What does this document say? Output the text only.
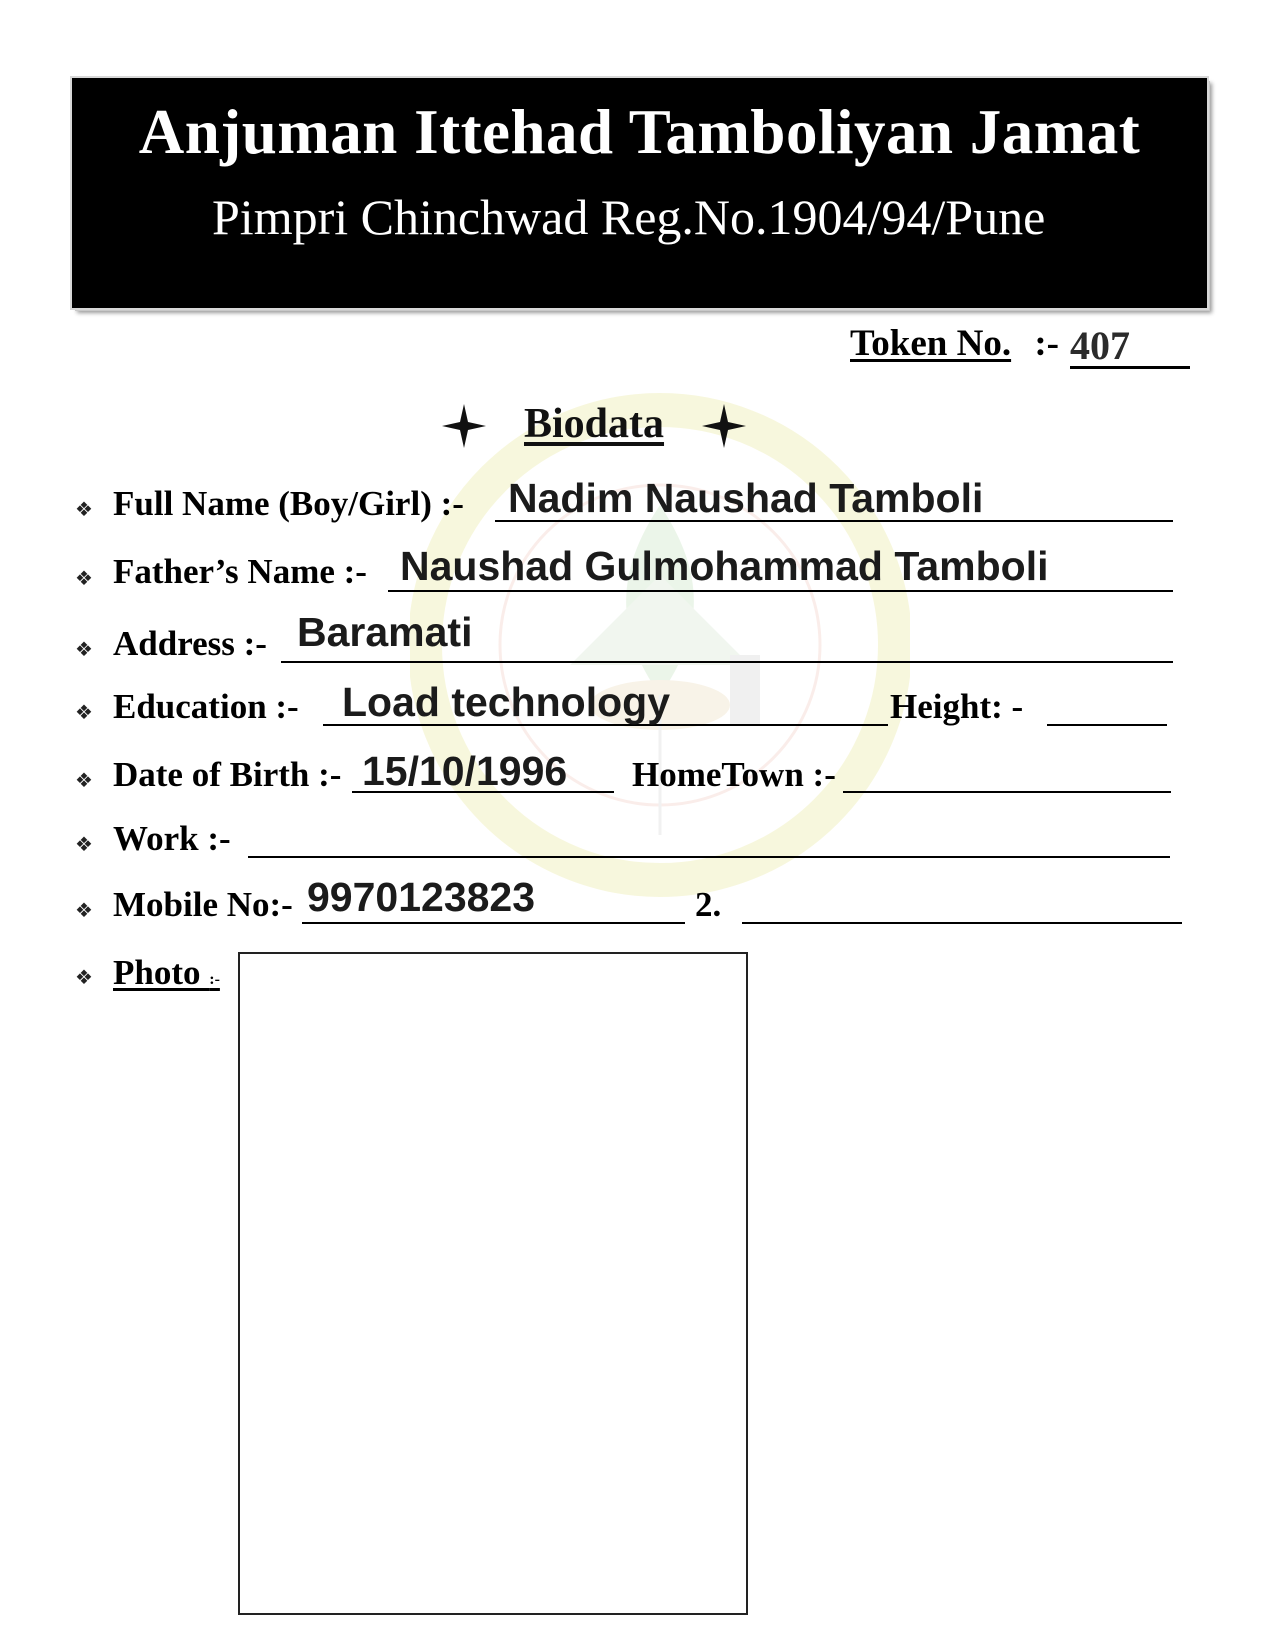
Anjuman Ittehad Tamboliyan Jamat
Pimpri Chinchwad Reg.No.1904/94/Pune
Token No. :- 407
Biodata
❖ Full Name (Boy/Girl) :- Nadim Naushad Tamboli
❖ Father’s Name :- Naushad Gulmohammad Tamboli
❖ Address :- Baramati
❖ Education :- Load technology	Height: -
❖ Date of Birth :- 15/10/1996 HomeTown :-
❖ Work :-
❖ Mobile No:- 9970123823	2.
❖ Photo :-
